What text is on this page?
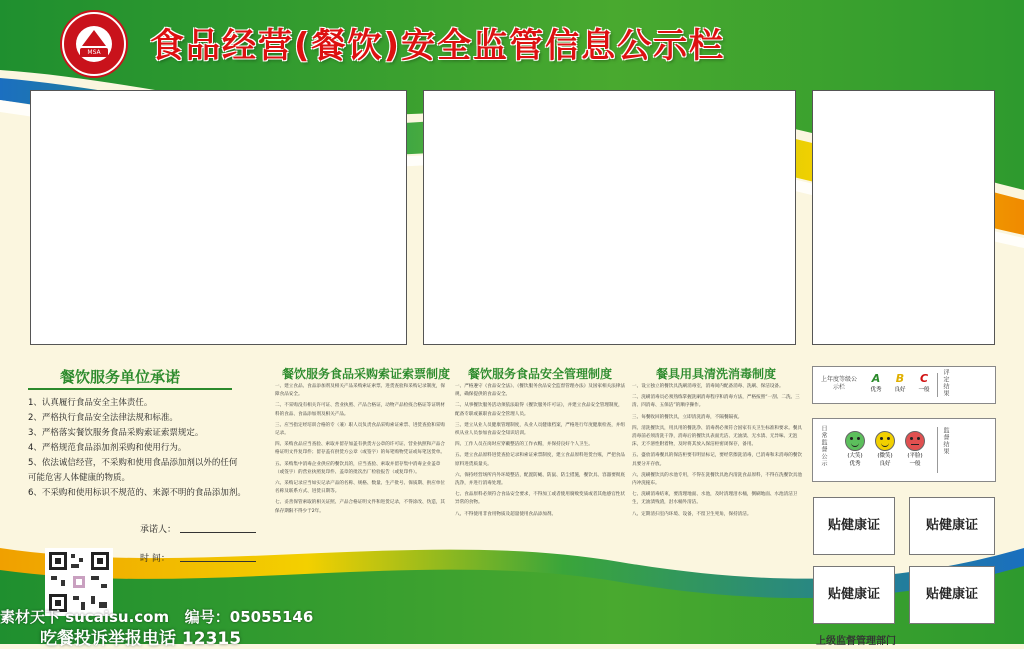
MSA 食品经营(餐饮)安全监管信息公示栏
餐饮服务单位承诺
1、认真履行食品安全主体责任。
2、严格执行食品安全法律法规和标准。
3、严格落实餐饮服务食品采购索证索票规定。
4、严格规范食品添加剂采购和使用行为。
5、依法诚信经营，不采购和使用食品添加剂以外的任何
可能危害人体健康的物质。
6、不采购和使用标识不规范的、来源不明的食品添加剂。
承诺人：
时 间：
餐饮服务食品采购索证索票制度
一、建立食品、食品添加剂及相关产品采购索证索票、进货查验和采购记录制度，保障食品安全。
二、不采购没有相关许可证、营业执照、产品合格证，动物产品检疫合格证等证明材料的食品、食品添加剂及相关产品。
三、应当指定经培训合格的专（兼）职人员负责食品采购索证索票、进货查验和采购记录。
四、采购食品应当查验、索取并留存加盖有供货方公章的许可证、营业执照和产品合格证明文件复印件；留存盖有供货方公章（或签字）的每笔购物凭证或每笔送货单。
五、采购集中消毒企业供应的餐饮具的，应当查验、索取并留存集中消毒企业盖章（或签字）的营业执照复印件、盖章的批次出厂检验报告（或复印件）。
六、采购记录应当如实记录产品的名称、规格、数量、生产批号、保质期、供应单位名称及联系方式、进货日期等。
七、妥善保管索取的相关证照、产品合格证明文件和进货记录，不得涂改、伪造，其保存期限不得少于2年。
餐饮服务食品安全管理制度
一、严格遵守《食品安全法》、《餐饮服务食品安全监督管理办法》及国家相关法律法规，确保提供的食品安全。
二、从事餐饮服务活动须依法取得《餐饮服务许可证》，并建立食品安全管理制度，配备专职或兼职食品安全管理人员。
三、建立从业人员健康管理制度，从业人员健康档案，严格进行年度健康检查，并组织从业人员参加食品安全知识培训。
四、工作人员在岗时应穿戴整洁的工作衣帽，并保持良好个人卫生。
五、建立食品原料进货查验记录和索证索票制度，建立食品原料进货台账，严把食品原料进货质量关。
六、保持经营场所内外环境整洁，配置防蝇、防鼠、防尘措施，餐饮具、容器要彻底洗净，并进行消毒处理。
七、食品原料必须符合食品安全要求，不得加工或者使用腐败变质或者其他感官性状异常的食物。
八、不得使用非食用物质及超量使用食品添加剂。
餐具用具清洗消毒制度
一、设立独立的餐饮具洗刷消毒室，消毒间内配备消毒、洗刷、保洁设备。
二、洗刷消毒员必须熟练掌握洗刷消毒程序和消毒方法，严格按照“一刮、二洗、三清、四消毒、五保洁”的顺序操作。
三、每餐收回的餐饮具，立即清洗消毒，不隔餐隔夜。
四、清洗餐饮具，用具用的餐洗净、消毒剂必须符合国家有关卫生标准和要求。餐具消毒前必须清洗干净，消毒后的餐饮具表面光洁、无油渍、无水渍、无异味、无泡沫，无不溶性附着物，及时将其放入保洁柜密闭保存，备用。
五、盛放消毒餐具的保洁柜要有明显标记，要经常擦洗消毒，已消毒和未消毒的餐饮具要分开存放。
六、洗刷餐饮具的水池专用，不得在洗餐饮具池内清洗食品原料，不得在洗餐饮具池内冲洗拖布。
七、洗刷消毒结束，要清理地面、水池，及时清理泔水桶，倒刷地面、水池清洁卫生，无油渍残渣，泔水桶外清洁。
八、定期清扫室内环境、设备，不留卫生死角，保持清洁。
上年度等级公示栏
A
优秀
B
良好
C
一般	评定结果
日常监督公示	(大笑)
优秀
(微笑)
良好
(平脸)
一般
监督结果
贴健康证	贴健康证
贴健康证	贴健康证
素材天下 sucaisu.com 编号：05055146
吃餐投诉举报电话 12315	上级监督管理部门
